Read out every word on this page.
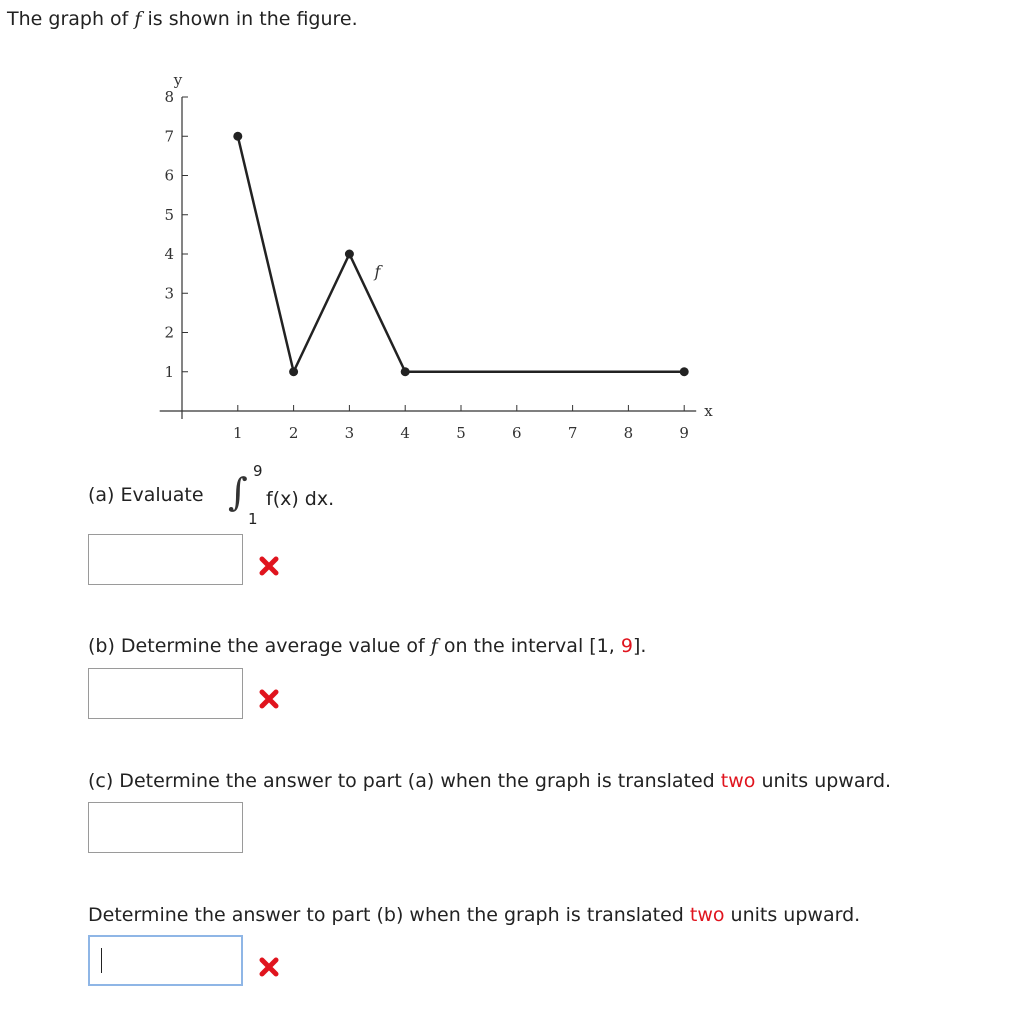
The graph of f is shown in the figure.
x
y
1	2	3	4	5	6	7	8	9
1
2
3
4
5
6
7
8
f
(a) Evaluate ∫ 9
1
f(x) dx.
(b) Determine the average value of f on the interval [1, 9].
(c) Determine the answer to part (a) when the graph is translated two units upward.
Determine the answer to part (b) when the graph is translated two units upward.
